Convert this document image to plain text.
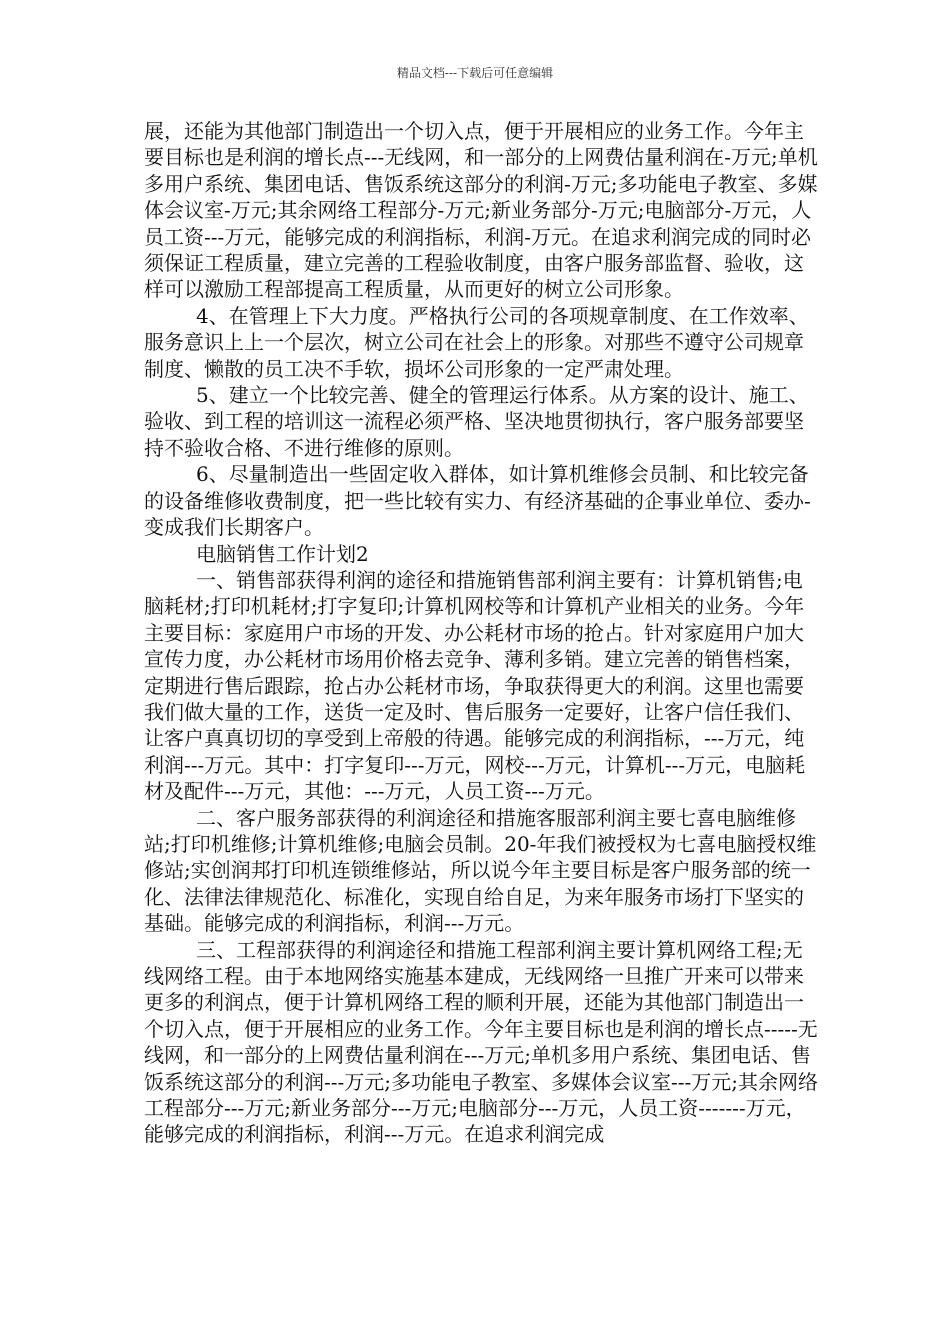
精品文档---下载后可任意编辑

展，还能为其他部门制造出一个切入点，便于开展相应的业务工作。今年主要目标也是利润的增长点---无线网，和一部分的上网费估量利润在-万元;单机多用户系统、集团电话、售饭系统这部分的利润-万元;多功能电子教室、多媒体会议室-万元;其余网络工程部分-万元;新业务部分-万元;电脑部分-万元，人员工资---万元，能够完成的利润指标，利润-万元。在追求利润完成的同时必须保证工程质量，建立完善的工程验收制度，由客户服务部监督、验收，这样可以激励工程部提高工程质量，从而更好的树立公司形象。

4、在管理上下大力度。严格执行公司的各项规章制度、在工作效率、服务意识上上一个层次，树立公司在社会上的形象。对那些不遵守公司规章制度、懒散的员工决不手软，损坏公司形象的一定严肃处理。

5、建立一个比较完善、健全的管理运行体系。从方案的设计、施工、验收、到工程的培训这一流程必须严格、坚决地贯彻执行，客户服务部要坚持不验收合格、不进行维修的原则。

6、尽量制造出一些固定收入群体，如计算机维修会员制、和比较完备的设备维修收费制度，把一些比较有实力、有经济基础的企事业单位、委办-变成我们长期客户。

电脑销售工作计划2

一、销售部获得利润的途径和措施销售部利润主要有：计算机销售;电脑耗材;打印机耗材;打字复印;计算机网校等和计算机产业相关的业务。今年主要目标：家庭用户市场的开发、办公耗材市场的抢占。针对家庭用户加大宣传力度，办公耗材市场用价格去竞争、薄利多销。建立完善的销售档案，定期进行售后跟踪，抢占办公耗材市场，争取获得更大的利润。这里也需要我们做大量的工作，送货一定及时、售后服务一定要好，让客户信任我们、让客户真真切切的享受到上帝般的待遇。能够完成的利润指标，---万元，纯利润---万元。其中：打字复印---万元，网校---万元，计算机---万元，电脑耗材及配件---万元，其他：---万元，人员工资---万元。

二、客户服务部获得的利润途径和措施客服部利润主要七喜电脑维修站;打印机维修;计算机维修;电脑会员制。20-年我们被授权为七喜电脑授权维修站;实创润邦打印机连锁维修站，所以说今年主要目标是客户服务部的统一化、法律法律规范化、标准化，实现自给自足，为来年服务市场打下坚实的基础。能够完成的利润指标，利润---万元。

三、工程部获得的利润途径和措施工程部利润主要计算机网络工程;无线网络工程。由于本地网络实施基本建成，无线网络一旦推广开来可以带来更多的利润点，便于计算机网络工程的顺利开展，还能为其他部门制造出一个切入点，便于开展相应的业务工作。今年主要目标也是利润的增长点-----无线网，和一部分的上网费估量利润在---万元;单机多用户系统、集团电话、售饭系统这部分的利润---万元;多功能电子教室、多媒体会议室---万元;其余网络工程部分---万元;新业务部分---万元;电脑部分---万元，人员工资-------万元，能够完成的利润指标，利润---万元。在追求利润完成
